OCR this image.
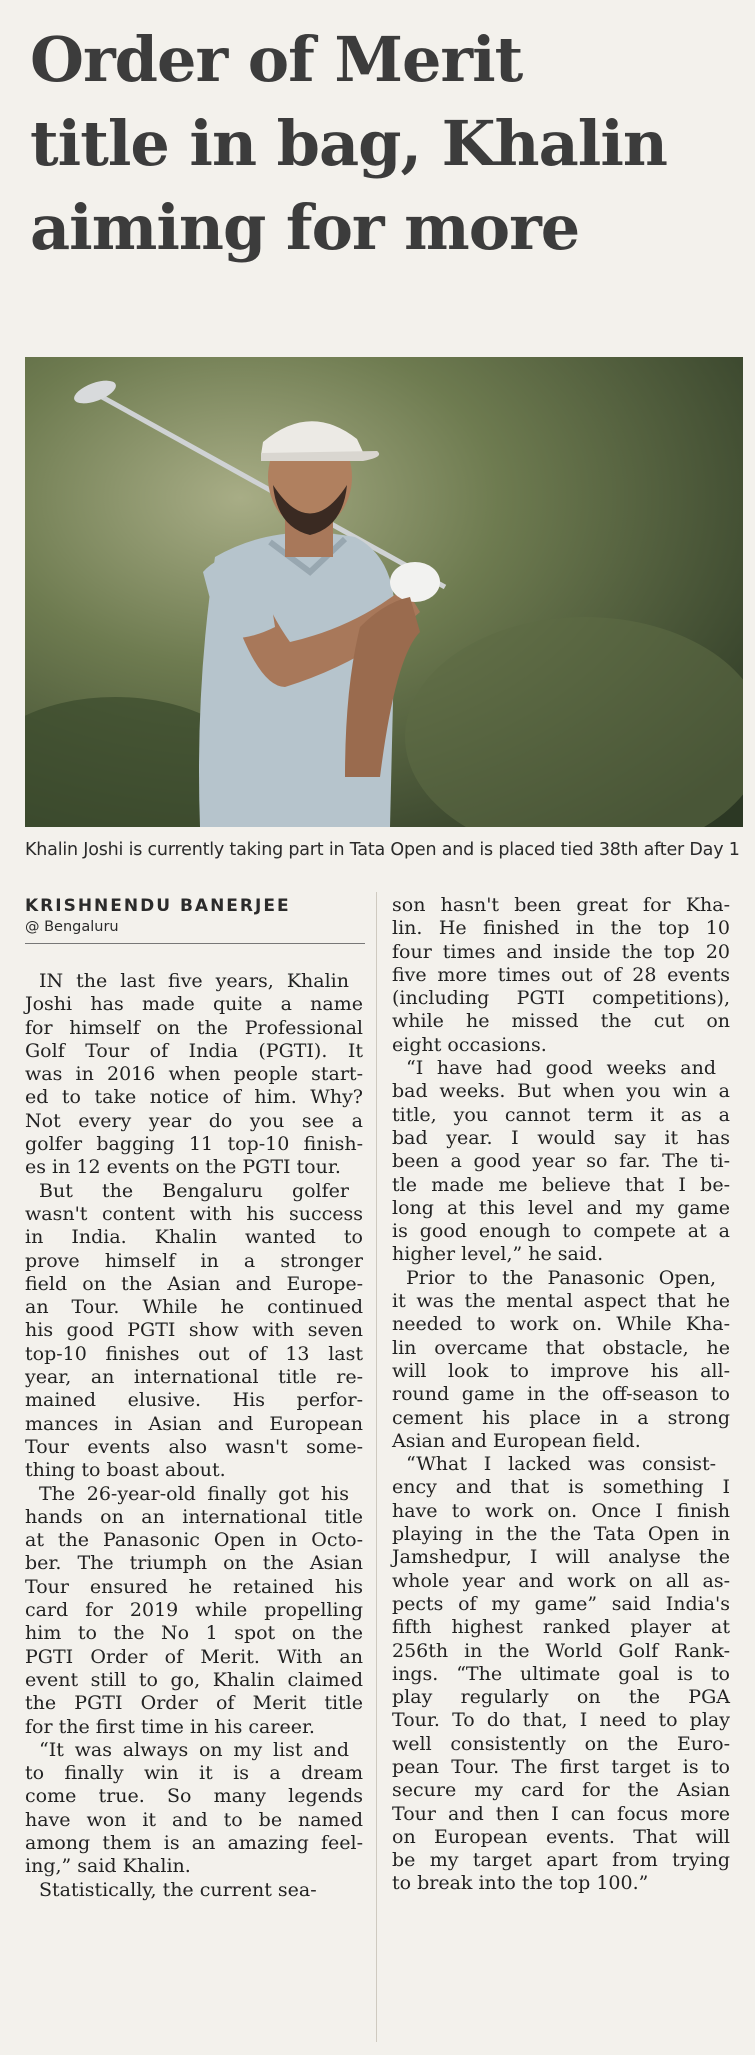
Order of Merit
title in bag, Khalin
aiming for more
Khalin Joshi is currently taking part in Tata Open and is placed tied 38th after Day 1
KRISHNENDU BANERJEE
@ Bengaluru
IN the last five years, Khalin
Joshi has made quite a name
for himself on the Professional
Golf Tour of India (PGTI). It
was in 2016 when people start-
ed to take notice of him. Why?
Not every year do you see a
golfer bagging 11 top-10 finish-
es in 12 events on the PGTI tour.
But the Bengaluru golfer
wasn't content with his success
in India. Khalin wanted to
prove himself in a stronger
field on the Asian and Europe-
an Tour. While he continued
his good PGTI show with seven
top-10 finishes out of 13 last
year, an international title re-
mained elusive. His perfor-
mances in Asian and European
Tour events also wasn't some-
thing to boast about.
The 26-year-old finally got his
hands on an international title
at the Panasonic Open in Octo-
ber. The triumph on the Asian
Tour ensured he retained his
card for 2019 while propelling
him to the No 1 spot on the
PGTI Order of Merit. With an
event still to go, Khalin claimed
the PGTI Order of Merit title
for the first time in his career.
“It was always on my list and
to finally win it is a dream
come true. So many legends
have won it and to be named
among them is an amazing feel-
ing,” said Khalin.
Statistically, the current sea-
son hasn't been great for Kha-
lin. He finished in the top 10
four times and inside the top 20
five more times out of 28 events
(including PGTI competitions),
while he missed the cut on
eight occasions.
“I have had good weeks and
bad weeks. But when you win a
title, you cannot term it as a
bad year. I would say it has
been a good year so far. The ti-
tle made me believe that I be-
long at this level and my game
is good enough to compete at a
higher level,” he said.
Prior to the Panasonic Open,
it was the mental aspect that he
needed to work on. While Kha-
lin overcame that obstacle, he
will look to improve his all-
round game in the off-season to
cement his place in a strong
Asian and European field.
“What I lacked was consist-
ency and that is something I
have to work on. Once I finish
playing in the the Tata Open in
Jamshedpur, I will analyse the
whole year and work on all as-
pects of my game” said India's
fifth highest ranked player at
256th in the World Golf Rank-
ings. “The ultimate goal is to
play regularly on the PGA
Tour. To do that, I need to play
well consistently on the Euro-
pean Tour. The first target is to
secure my card for the Asian
Tour and then I can focus more
on European events. That will
be my target apart from trying
to break into the top 100.”
